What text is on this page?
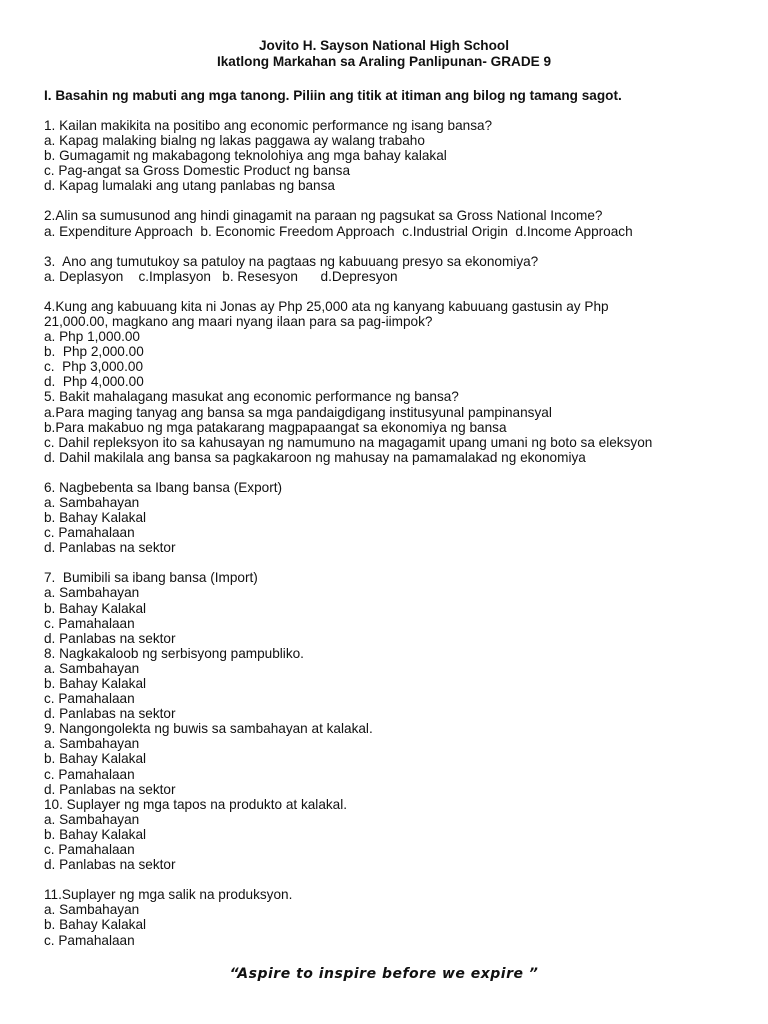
Jovito H. Sayson National High School
Ikatlong Markahan sa Araling Panlipunan- GRADE 9
I. Basahin ng mabuti ang mga tanong. Piliin ang titik at itiman ang bilog ng tamang sagot.
1. Kailan makikita na positibo ang economic performance ng isang bansa?
a. Kapag malaking bialng ng lakas paggawa ay walang trabaho
b. Gumagamit ng makabagong teknolohiya ang mga bahay kalakal
c. Pag-angat sa Gross Domestic Product ng bansa
d. Kapag lumalaki ang utang panlabas ng bansa
2.Alin sa sumusunod ang hindi ginagamit na paraan ng pagsukat sa Gross National Income?
a. Expenditure Approach  b. Economic Freedom Approach  c.Industrial Origin  d.Income Approach
3.  Ano ang tumutukoy sa patuloy na pagtaas ng kabuuang presyo sa ekonomiya?
a. Deplasyon    c.Implasyon   b. Resesyon      d.Depresyon
4.Kung ang kabuuang kita ni Jonas ay Php 25,000 ata ng kanyang kabuuang gastusin ay Php
21,000.00, magkano ang maari nyang ilaan para sa pag-iimpok?
a. Php 1,000.00
b.  Php 2,000.00
c.  Php 3,000.00
d.  Php 4,000.00
5. Bakit mahalagang masukat ang economic performance ng bansa?
a.Para maging tanyag ang bansa sa mga pandaigdigang institusyunal pampinansyal
b.Para makabuo ng mga patakarang magpapaangat sa ekonomiya ng bansa
c. Dahil repleksyon ito sa kahusayan ng namumuno na magagamit upang umani ng boto sa eleksyon
d. Dahil makilala ang bansa sa pagkakaroon ng mahusay na pamamalakad ng ekonomiya
6. Nagbebenta sa Ibang bansa (Export)
a. Sambahayan
b. Bahay Kalakal
c. Pamahalaan
d. Panlabas na sektor
7.  Bumibili sa ibang bansa (Import)
a. Sambahayan
b. Bahay Kalakal
c. Pamahalaan
d. Panlabas na sektor
8. Nagkakaloob ng serbisyong pampubliko.
a. Sambahayan
b. Bahay Kalakal
c. Pamahalaan
d. Panlabas na sektor
9. Nangongolekta ng buwis sa sambahayan at kalakal.
a. Sambahayan
b. Bahay Kalakal
c. Pamahalaan
d. Panlabas na sektor
10. Suplayer ng mga tapos na produkto at kalakal.
a. Sambahayan
b. Bahay Kalakal
c. Pamahalaan
d. Panlabas na sektor
11.Suplayer ng mga salik na produksyon.
a. Sambahayan
b. Bahay Kalakal
c. Pamahalaan
“Aspire to inspire before we expire ”
